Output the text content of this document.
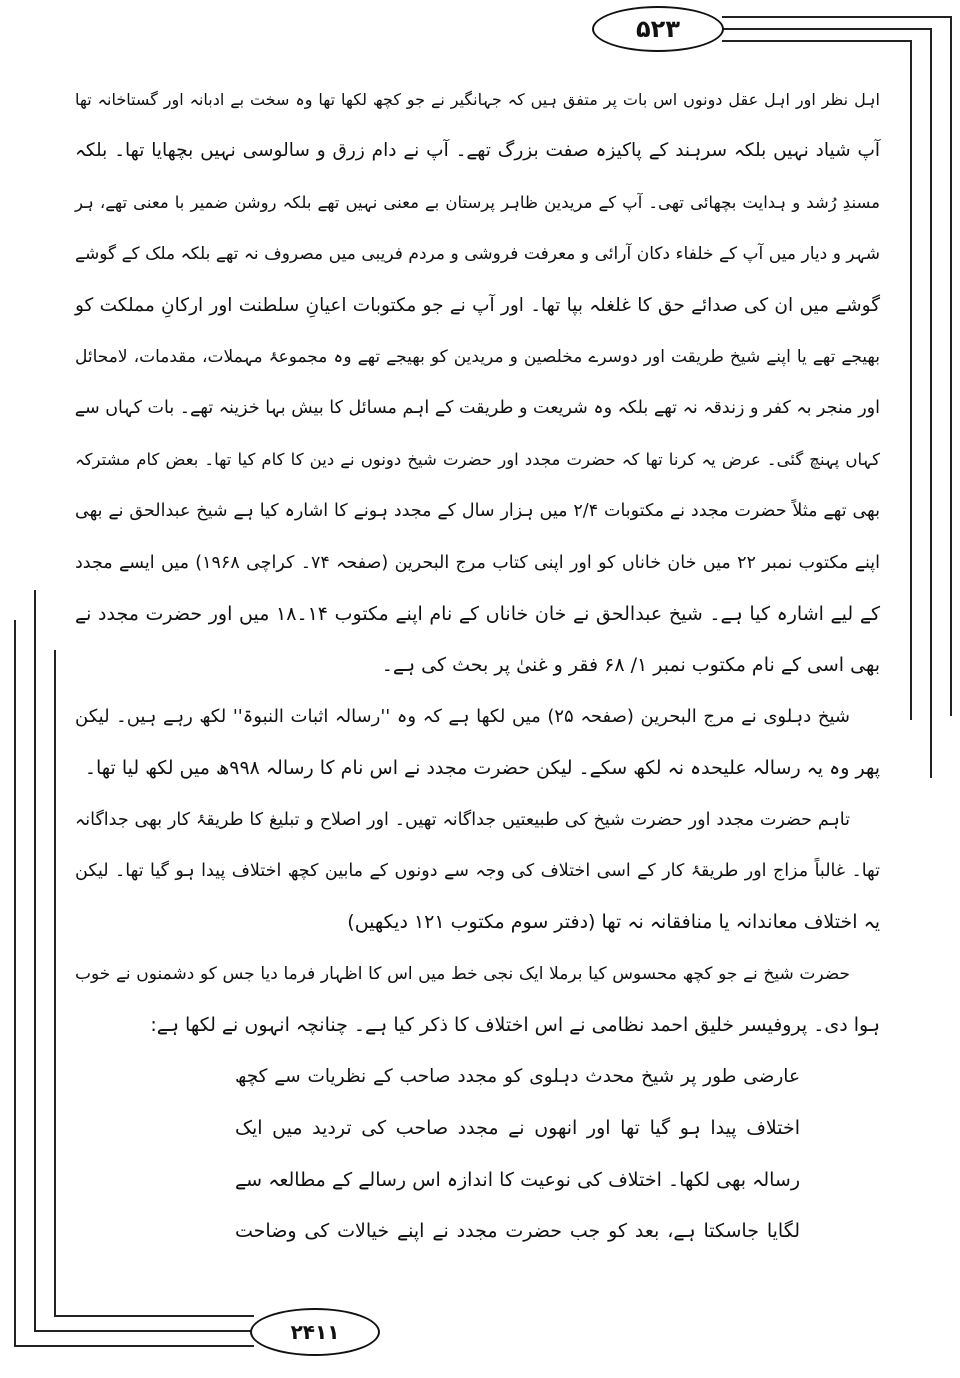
۵۲۳
۲۴۱۱
اہل نظر اور اہل عقل دونوں اس بات پر متفق ہیں کہ جہانگیر نے جو کچھ لکھا تھا وہ سخت بے ادبانہ اور گستاخانہ تھا
آپ شیاد نہیں بلکہ سرہند کے پاکیزہ صفت بزرگ تھے۔ آپ نے دام زرق و سالوسی نہیں بچھایا تھا۔ بلکہ
مسندِ رُشد و ہدایت بچھائی تھی۔ آپ کے مریدین ظاہر پرستان بے معنی نہیں تھے بلکہ روشن ضمیر با معنی تھے، ہر
شہر و دیار میں آپ کے خلفاء دکان آرائی و معرفت فروشی و مردم فریبی میں مصروف نہ تھے بلکہ ملک کے گوشے
گوشے میں ان کی صدائے حق کا غلغلہ بپا تھا۔ اور آپ نے جو مکتوبات اعیانِ سلطنت اور ارکانِ مملکت کو
بھیجے تھے یا اپنے شیخ طریقت اور دوسرے مخلصین و مریدین کو بھیجے تھے وہ مجموعۂ مہملات، مقدمات، لامحائل
اور منجر بہ کفر و زندقہ نہ تھے بلکہ وہ شریعت و طریقت کے اہم مسائل کا بیش بہا خزینہ تھے۔ بات کہاں سے
کہاں پہنچ گئی۔ عرض یہ کرنا تھا کہ حضرت مجدد اور حضرت شیخ دونوں نے دین کا کام کیا تھا۔ بعض کام مشترکہ
بھی تھے مثلاً حضرت مجدد نے مکتوبات ۲/۴ میں ہزار سال کے مجدد ہونے کا اشارہ کیا ہے شیخ عبدالحق نے بھی
اپنے مکتوب نمبر ۲۲ میں خان خاناں کو اور اپنی کتاب مرج البحرین (صفحہ ۷۴۔ کراچی ۱۹۶۸) میں ایسے مجدد
کے لیے اشارہ کیا ہے۔ شیخ عبدالحق نے خان خاناں کے نام اپنے مکتوب ۱۴۔۱۸ میں اور حضرت مجدد نے
بھی اسی کے نام مکتوب نمبر ۱/ ۶۸ فقر و غنیٰ پر بحث کی ہے۔
شیخ دہلوی نے مرج البحرین (صفحہ ۲۵) میں لکھا ہے کہ وہ ''رسالہ اثبات النبوۃ'' لکھ رہے ہیں۔ لیکن
پھر وہ یہ رسالہ علیحدہ نہ لکھ سکے۔ لیکن حضرت مجدد نے اس نام کا رسالہ ۹۹۸ھ میں لکھ لیا تھا۔
تاہم حضرت مجدد اور حضرت شیخ کی طبیعتیں جداگانہ تھیں۔ اور اصلاح و تبلیغ کا طریقۂ کار بھی جداگانہ
تھا۔ غالباً مزاج اور طریقۂ کار کے اسی اختلاف کی وجہ سے دونوں کے مابین کچھ اختلاف پیدا ہو گیا تھا۔ لیکن
یہ اختلاف معاندانہ یا منافقانہ نہ تھا (دفتر سوم مکتوب ۱۲۱ دیکھیں)
حضرت شیخ نے جو کچھ محسوس کیا برملا ایک نجی خط میں اس کا اظہار فرما دیا جس کو دشمنوں نے خوب
ہوا دی۔ پروفیسر خلیق احمد نظامی نے اس اختلاف کا ذکر کیا ہے۔ چنانچہ انہوں نے لکھا ہے:
عارضی طور پر شیخ محدث دہلوی کو مجدد صاحب کے نظریات سے کچھ
اختلاف پیدا ہو گیا تھا اور انھوں نے مجدد صاحب کی تردید میں ایک
رسالہ بھی لکھا۔ اختلاف کی نوعیت کا اندازہ اس رسالے کے مطالعہ سے
لگایا جاسکتا ہے، بعد کو جب حضرت مجدد نے اپنے خیالات کی وضاحت
